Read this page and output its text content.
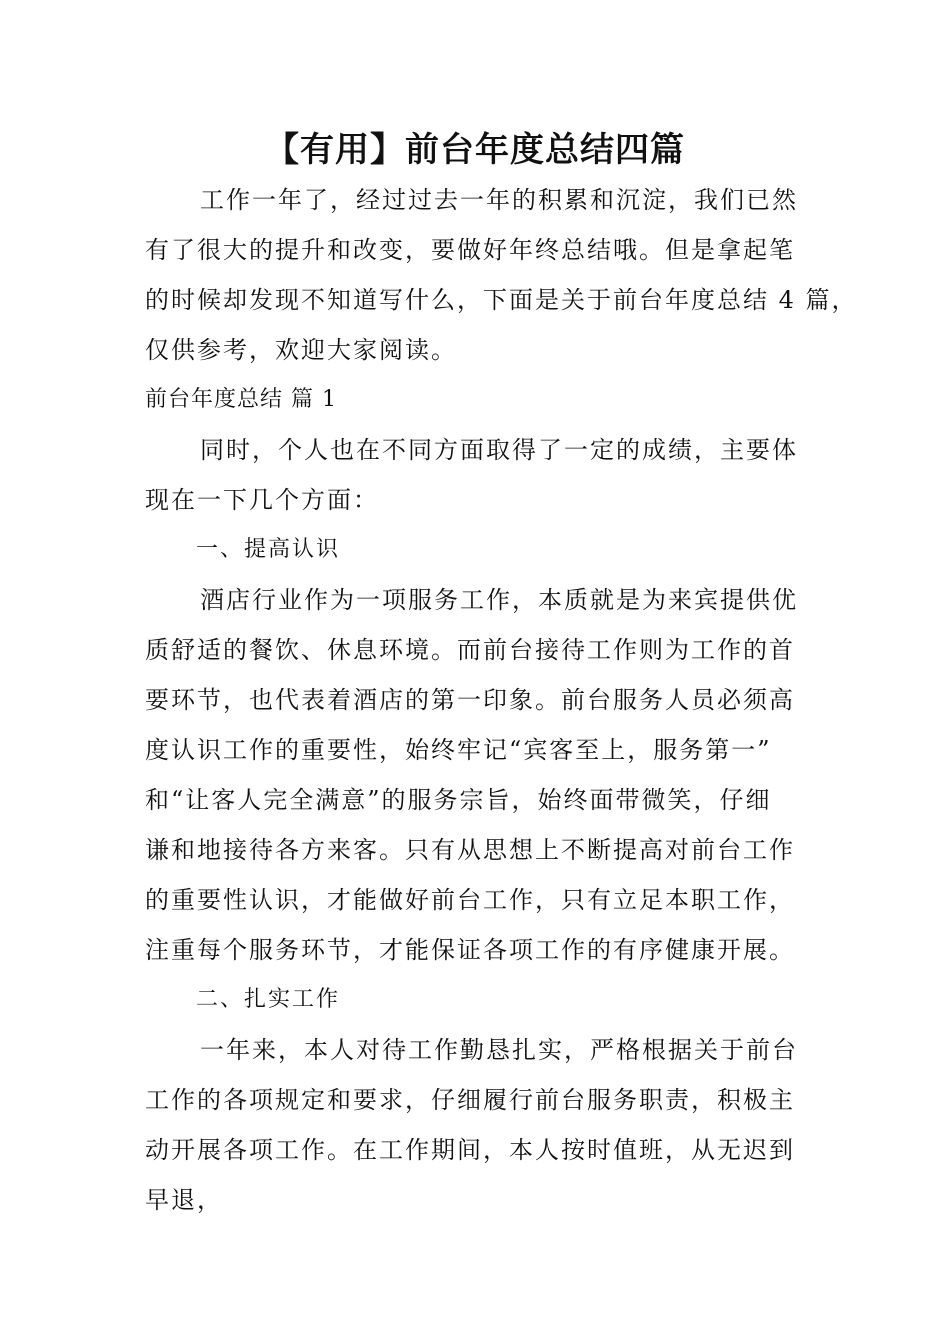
【有用】前台年度总结四篇
工作一年了，经过过去一年的积累和沉淀，我们已然
有了很大的提升和改变，要做好年终总结哦。但是拿起笔
的时候却发现不知道写什么，下面是关于前台年度总结 4 篇，
仅供参考，欢迎大家阅读。
前台年度总结 篇 1
同时，个人也在不同方面取得了一定的成绩，主要体
现在一下几个方面：
一、提高认识
酒店行业作为一项服务工作，本质就是为来宾提供优
质舒适的餐饮、休息环境。而前台接待工作则为工作的首
要环节，也代表着酒店的第一印象。前台服务人员必须高
度认识工作的重要性，始终牢记“宾客至上，服务第一”
和“让客人完全满意”的服务宗旨，始终面带微笑，仔细
谦和地接待各方来客。只有从思想上不断提高对前台工作
的重要性认识，才能做好前台工作，只有立足本职工作，
注重每个服务环节，才能保证各项工作的有序健康开展。
二、扎实工作
一年来，本人对待工作勤恳扎实，严格根据关于前台
工作的各项规定和要求，仔细履行前台服务职责，积极主
动开展各项工作。在工作期间，本人按时值班，从无迟到
早退，
